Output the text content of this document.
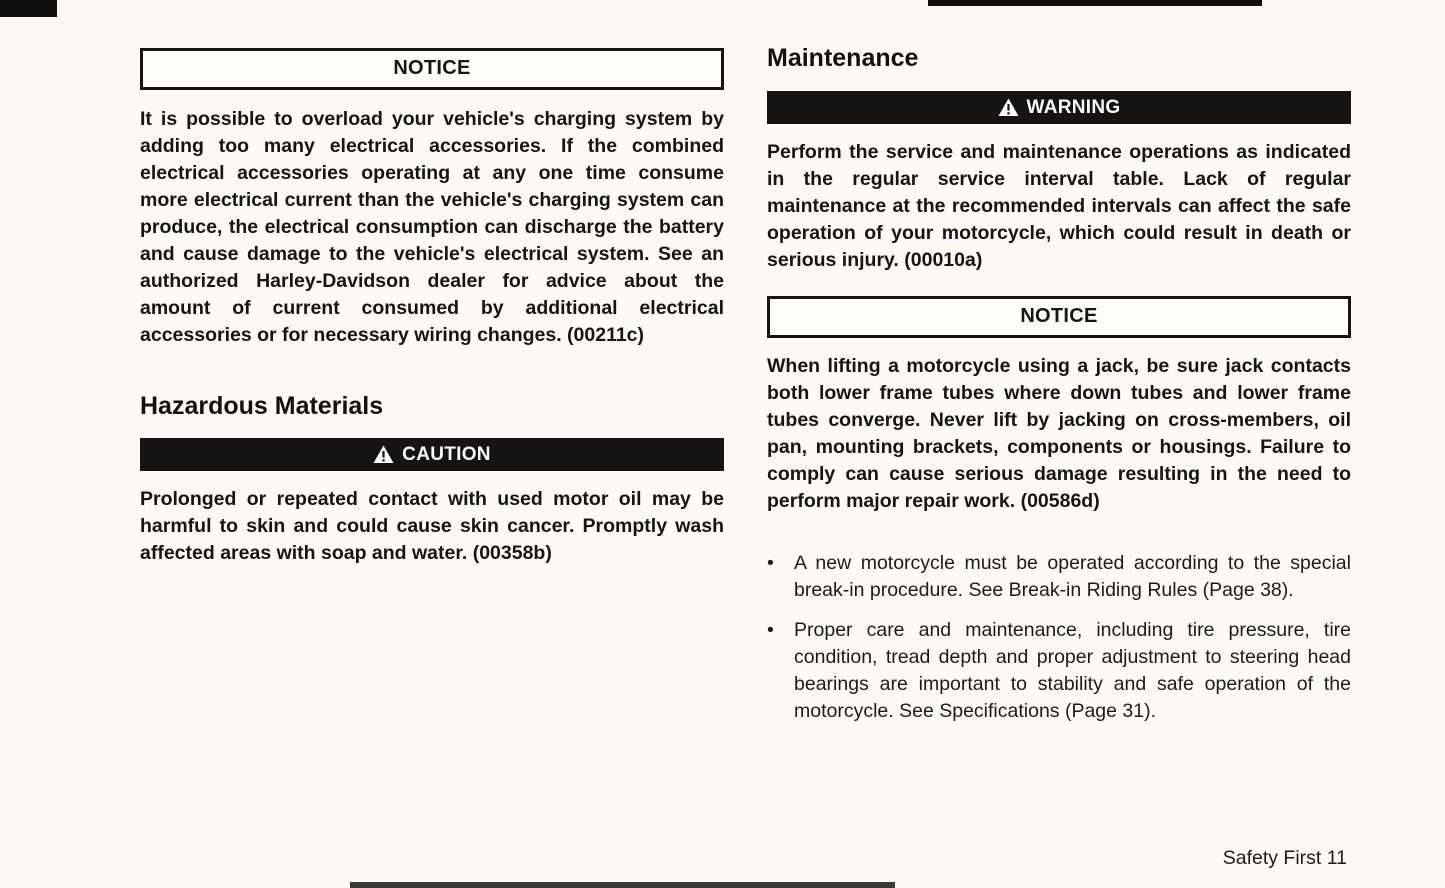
NOTICE

It is possible to overload your vehicle's charging system by adding too many electrical accessories. If the combined electrical accessories operating at any one time consume more electrical current than the vehicle's charging system can produce, the electrical consumption can discharge the battery and cause damage to the vehicle's electrical system. See an authorized Harley-Davidson dealer for advice about the amount of current consumed by additional electrical accessories or for necessary wiring changes. (00211c)

Hazardous Materials
CAUTION

Prolonged or repeated contact with used motor oil may be harmful to skin and could cause skin cancer. Promptly wash affected areas with soap and water. (00358b)

Maintenance
WARNING

Perform the service and maintenance operations as indicated in the regular service interval table. Lack of regular maintenance at the recommended intervals can affect the safe operation of your motorcycle, which could result in death or serious injury. (00010a)

NOTICE

When lifting a motorcycle using a jack, be sure jack contacts both lower frame tubes where down tubes and lower frame tubes converge. Never lift by jacking on cross-members, oil pan, mounting brackets, components or housings. Failure to comply can cause serious damage resulting in the need to perform major repair work. (00586d)

•	A new motorcycle must be operated according to the special break-in procedure. See Break-in Riding Rules (Page 38).
•	Proper care and maintenance, including tire pressure, tire condition, tread depth and proper adjustment to steering head bearings are important to stability and safe operation of the motorcycle. See Specifications (Page 31).
Safety First 11
